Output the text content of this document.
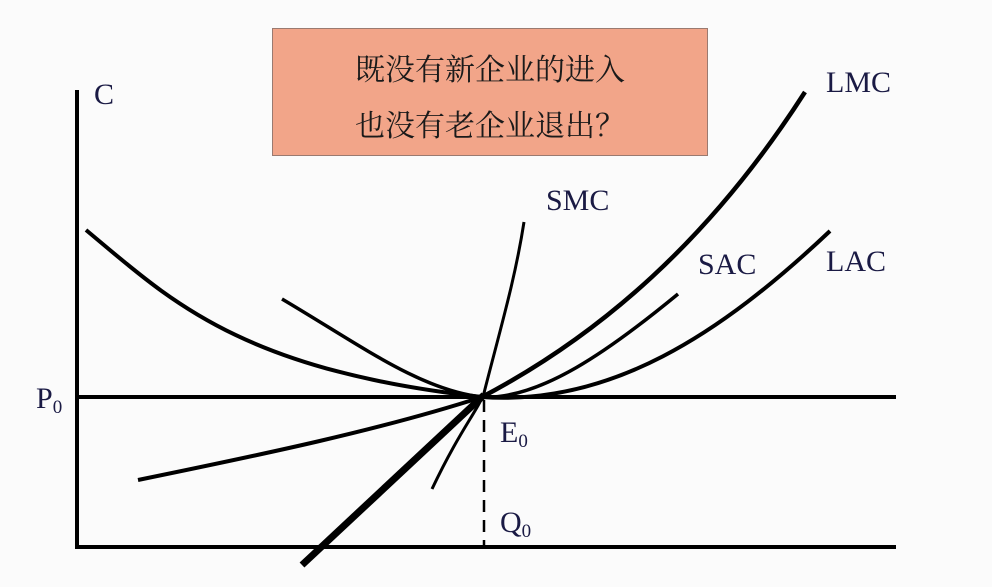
既没有新企业的进入
也没有老企业退出？
C	LMC
SMC
SAC LAC
$P_0$
$E_0$
$Q_0$
